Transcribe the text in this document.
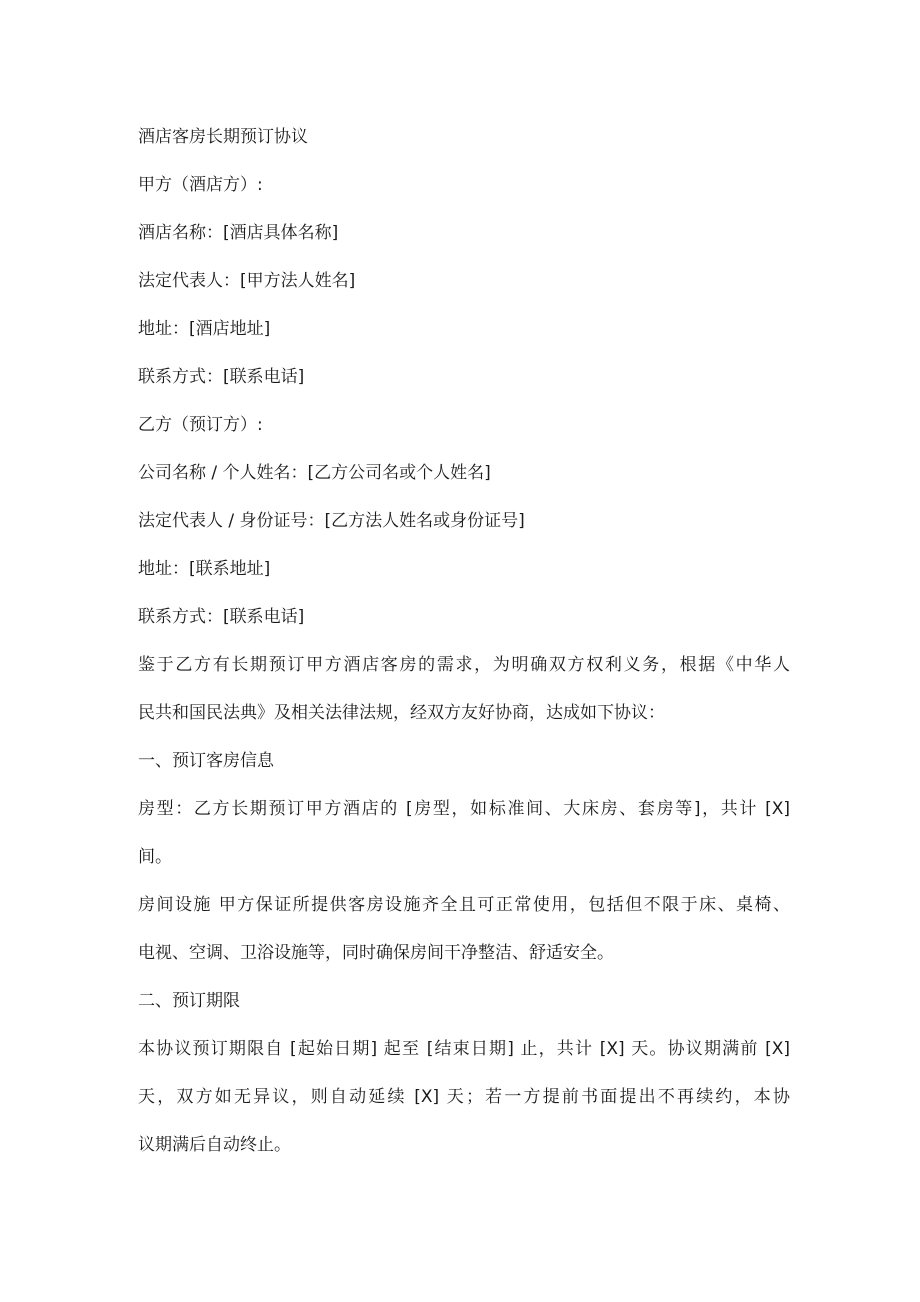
酒店客房长期预订协议

甲方（酒店方）:

酒店名称：[酒店具体名称]

法定代表人：[甲方法人姓名]

地址：[酒店地址]

联系方式：[联系电话]

乙方（预订方）:

公司名称 / 个人姓名：[乙方公司名或个人姓名]

法定代表人 / 身份证号：[乙方法人姓名或身份证号]

地址：[联系地址]

联系方式：[联系电话]

鉴于乙方有长期预订甲方酒店客房的需求，为明确双方权利义务，根据《中华人

民共和国民法典》及相关法律法规，经双方友好协商，达成如下协议：

一、预订客房信息

房型：乙方长期预订甲方酒店的 [房型，如标准间、大床房、套房等]，共计 [X]

间。

房间设施 甲方保证所提供客房设施齐全且可正常使用，包括但不限于床、桌椅、

电视、空调、卫浴设施等，同时确保房间干净整洁、舒适安全。

二、预订期限

本协议预订期限自 [起始日期] 起至 [结束日期] 止，共计 [X] 天。协议期满前 [X]

天，双方如无异议，则自动延续 [X] 天；若一方提前书面提出不再续约，本协

议期满后自动终止。
